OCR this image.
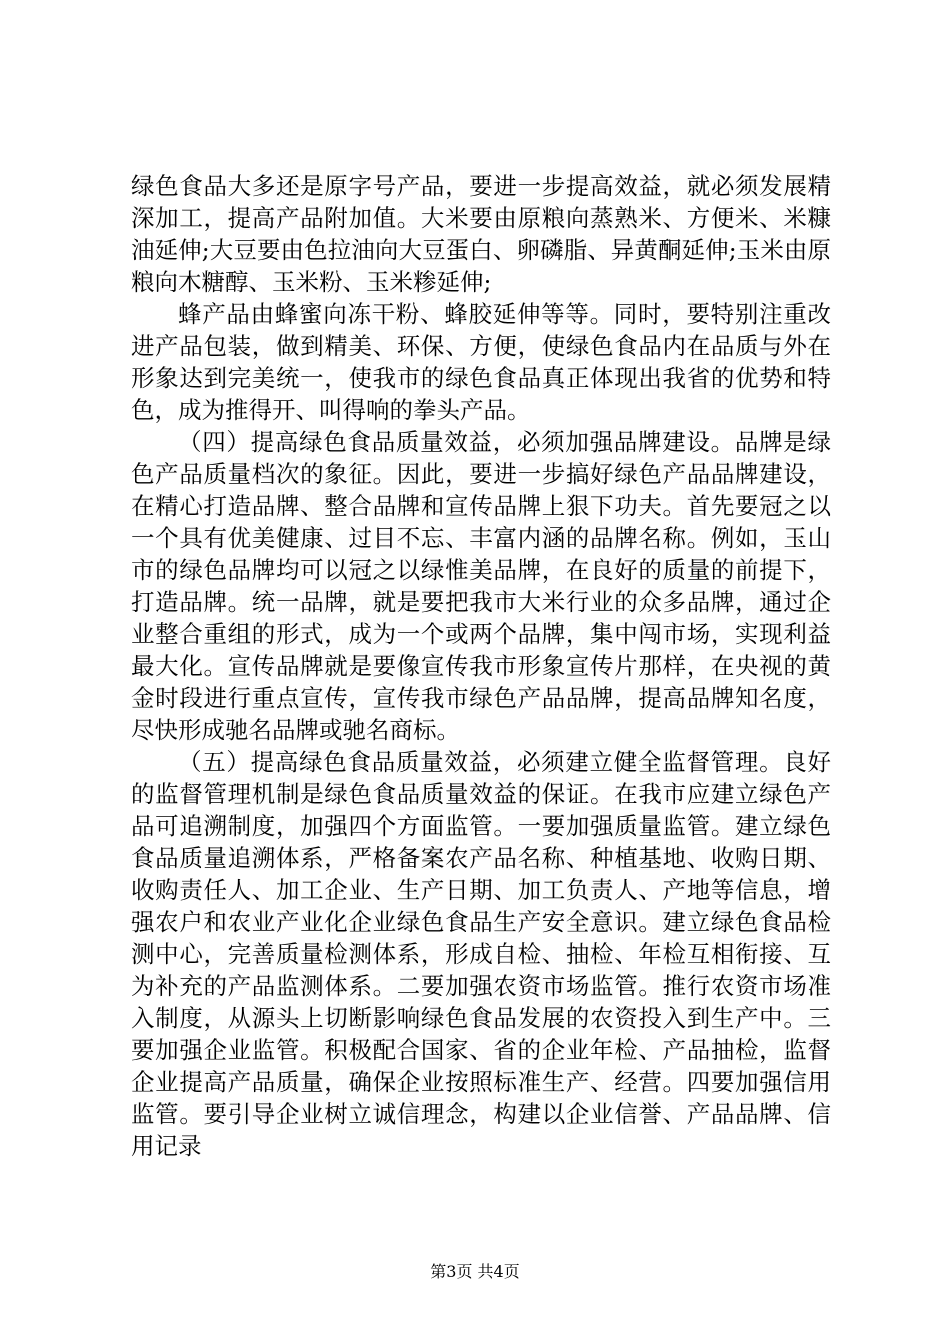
绿色食品大多还是原字号产品，要进一步提高效益，就必须发展精深加工，提高产品附加值。大米要由原粮向蒸熟米、方便米、米糠油延伸;大豆要由色拉油向大豆蛋白、卵磷脂、异黄酮延伸;玉米由原粮向木糖醇、玉米粉、玉米糁延伸;

蜂产品由蜂蜜向冻干粉、蜂胶延伸等等。同时，要特别注重改进产品包装，做到精美、环保、方便，使绿色食品内在品质与外在形象达到完美统一，使我市的绿色食品真正体现出我省的优势和特色，成为推得开、叫得响的拳头产品。

（四）提高绿色食品质量效益，必须加强品牌建设。品牌是绿色产品质量档次的象征。因此，要进一步搞好绿色产品品牌建设，在精心打造品牌、整合品牌和宣传品牌上狠下功夫。首先要冠之以一个具有优美健康、过目不忘、丰富内涵的品牌名称。例如，玉山市的绿色品牌均可以冠之以绿惟美品牌，在良好的质量的前提下，打造品牌。统一品牌，就是要把我市大米行业的众多品牌，通过企业整合重组的形式，成为一个或两个品牌，集中闯市场，实现利益最大化。宣传品牌就是要像宣传我市形象宣传片那样，在央视的黄金时段进行重点宣传，宣传我市绿色产品品牌，提高品牌知名度，尽快形成驰名品牌或驰名商标。

（五）提高绿色食品质量效益，必须建立健全监督管理。良好的监督管理机制是绿色食品质量效益的保证。在我市应建立绿色产品可追溯制度，加强四个方面监管。一要加强质量监管。建立绿色食品质量追溯体系，严格备案农产品名称、种植基地、收购日期、收购责任人、加工企业、生产日期、加工负责人、产地等信息，增强农户和农业产业化企业绿色食品生产安全意识。建立绿色食品检测中心，完善质量检测体系，形成自检、抽检、年检互相衔接、互为补充的产品监测体系。二要加强农资市场监管。推行农资市场准入制度，从源头上切断影响绿色食品发展的农资投入到生产中。三要加强企业监管。积极配合国家、省的企业年检、产品抽检，监督企业提高产品质量，确保企业按照标准生产、经营。四要加强信用监管。要引导企业树立诚信理念，构建以企业信誉、产品品牌、信用记录

第3页 共4页
